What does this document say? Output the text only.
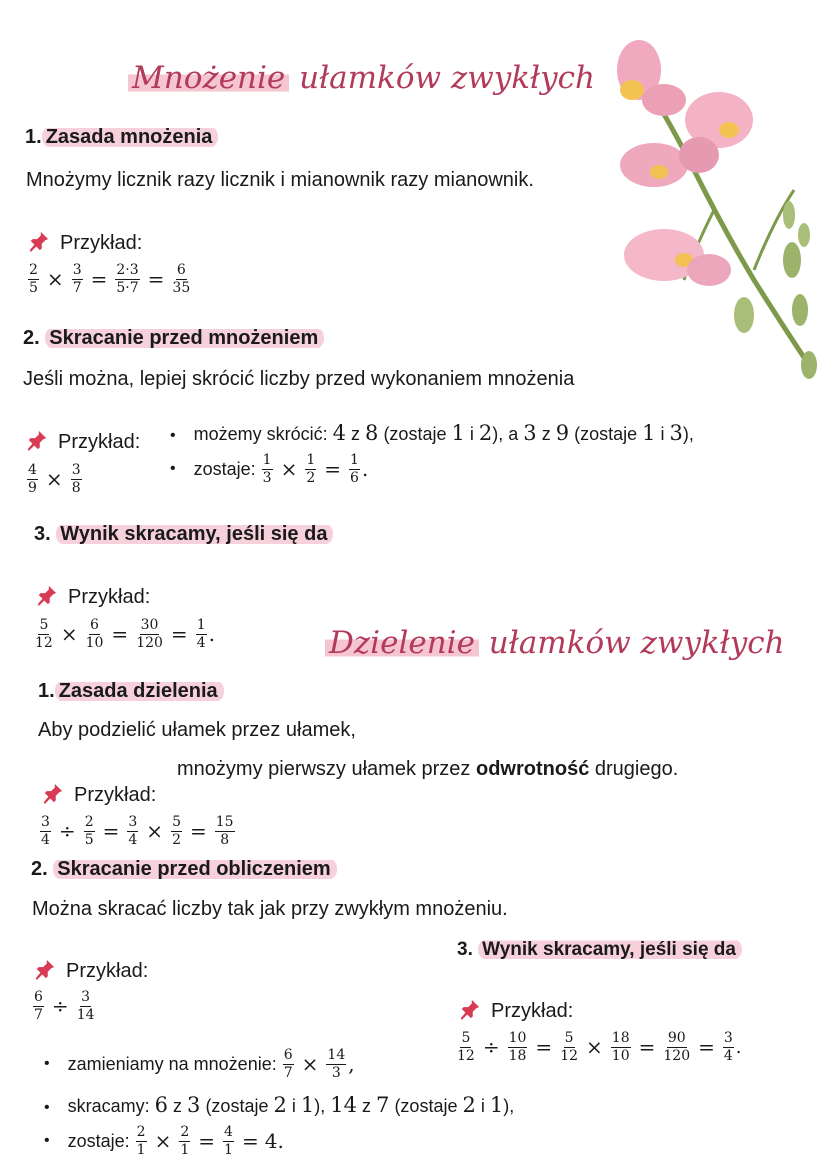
Mnożenie ułamków zwykłych
1. Zasada mnożenia
Mnożymy licznik razy licznik i mianownik razy mianownik.
Przykład:
$\frac{2}{5} \times \frac{3}{7} = \frac{2\cdot 3}{5\cdot 7} = \frac{6}{35}$
2. Skracanie przed mnożeniem
Jeśli można, lepiej skrócić liczby przed wykonaniem mnożenia
Przykład:
$\frac{4}{9} \times \frac{3}{8}$
• możemy skrócić: 4 z 8 (zostaje 1 i 2), a 3 z 9 (zostaje 1 i 3),
• zostaje: $\frac{1}{3} \times \frac{1}{2} = \frac{1}{6}$ .
3. Wynik skracamy, jeśli się da
Przykład:
$\frac{5}{12} \times \frac{6}{10} = \frac{30}{120} = \frac{1}{4}$ .	Dzielenie ułamków zwykłych
1. Zasada dzielenia
Aby podzielić ułamek przez ułamek,
mnożymy pierwszy ułamek przez odwrotność drugiego.
Przykład:
$\frac{3}{4} \div \frac{2}{5} = \frac{3}{4} \times \frac{5}{2} = \frac{15}{8}$
2. Skracanie przed obliczeniem
Można skracać liczby tak jak przy zwykłym mnożeniu.
Przykład:
$\frac{6}{7} \div \frac{3}{14}$
• zamieniamy na mnożenie: $\frac{6}{7} \times \frac{14}{3}$ ,
• skracamy: 6 z 3 (zostaje 2 i 1), 14 z 7 (zostaje 2 i 1),
• zostaje: $\frac{2}{1} \times \frac{2}{1} = \frac{4}{1} = 4$.
3. Wynik skracamy, jeśli się da
Przykład:
$\frac{5}{12} \div \frac{10}{18} = \frac{5}{12} \times \frac{18}{10} = \frac{90}{120} = \frac{3}{4}$ .
